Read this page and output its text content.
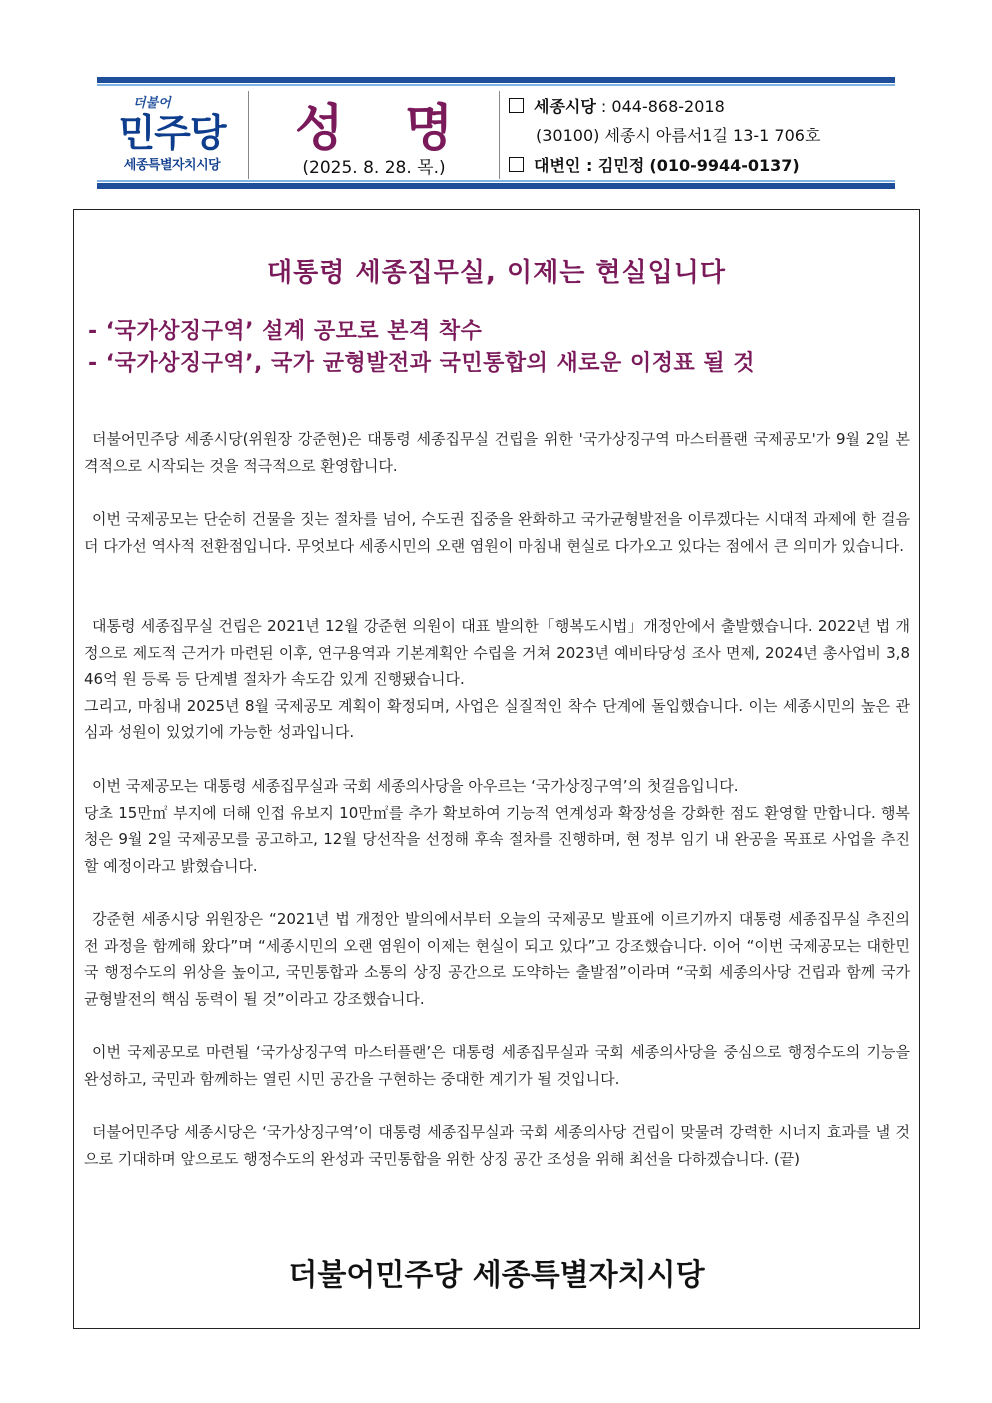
더불어
민주당
세종특별자치시당
성 명
(2025. 8. 28. 목.)
세종시당 : 044-868-2018
(30100) 세종시 아름서1길 13-1 706호
대변인 : 김민정 (010-9944-0137)
대통령 세종집무실, 이제는 현실입니다
- ‘국가상징구역’ 설계 공모로 본격 착수
- ‘국가상징구역’, 국가 균형발전과 국민통합의 새로운 이정표 될 것
더불어민주당 세종시당(위원장 강준현)은 대통령 세종집무실 건립을 위한 '국가상징구역 마스터플랜 국제공모'가 9월 2일 본격적으로 시작되는 것을 적극적으로 환영합니다.
이번 국제공모는 단순히 건물을 짓는 절차를 넘어, 수도권 집중을 완화하고 국가균형발전을 이루겠다는 시대적 과제에 한 걸음 더 다가선 역사적 전환점입니다. 무엇보다 세종시민의 오랜 염원이 마침내 현실로 다가오고 있다는 점에서 큰 의미가 있습니다.
대통령 세종집무실 건립은 2021년 12월 강준현 의원이 대표 발의한「행복도시법」개정안에서 출발했습니다. 2022년 법 개정으로 제도적 근거가 마련된 이후, 연구용역과 기본계획안 수립을 거쳐 2023년 예비타당성 조사 면제, 2024년 총사업비 3,846억 원 등록 등 단계별 절차가 속도감 있게 진행됐습니다.
그리고, 마침내 2025년 8월 국제공모 계획이 확정되며, 사업은 실질적인 착수 단계에 돌입했습니다. 이는 세종시민의 높은 관심과 성원이 있었기에 가능한 성과입니다.
이번 국제공모는 대통령 세종집무실과 국회 세종의사당을 아우르는 ‘국가상징구역’의 첫걸음입니다.
당초 15만㎡ 부지에 더해 인접 유보지 10만㎡를 추가 확보하여 기능적 연계성과 확장성을 강화한 점도 환영할 만합니다. 행복청은 9월 2일 국제공모를 공고하고, 12월 당선작을 선정해 후속 절차를 진행하며, 현 정부 임기 내 완공을 목표로 사업을 추진할 예정이라고 밝혔습니다.
강준현 세종시당 위원장은 “2021년 법 개정안 발의에서부터 오늘의 국제공모 발표에 이르기까지 대통령 세종집무실 추진의 전 과정을 함께해 왔다”며 “세종시민의 오랜 염원이 이제는 현실이 되고 있다”고 강조했습니다. 이어 “이번 국제공모는 대한민국 행정수도의 위상을 높이고, 국민통합과 소통의 상징 공간으로 도약하는 출발점”이라며 “국회 세종의사당 건립과 함께 국가균형발전의 핵심 동력이 될 것”이라고 강조했습니다.
이번 국제공모로 마련될 ‘국가상징구역 마스터플랜’은 대통령 세종집무실과 국회 세종의사당을 중심으로 행정수도의 기능을 완성하고, 국민과 함께하는 열린 시민 공간을 구현하는 중대한 계기가 될 것입니다.
더불어민주당 세종시당은 ‘국가상징구역’이 대통령 세종집무실과 국회 세종의사당 건립이 맞물려 강력한 시너지 효과를 낼 것으로 기대하며 앞으로도 행정수도의 완성과 국민통합을 위한 상징 공간 조성을 위해 최선을 다하겠습니다. (끝)
더불어민주당 세종특별자치시당
